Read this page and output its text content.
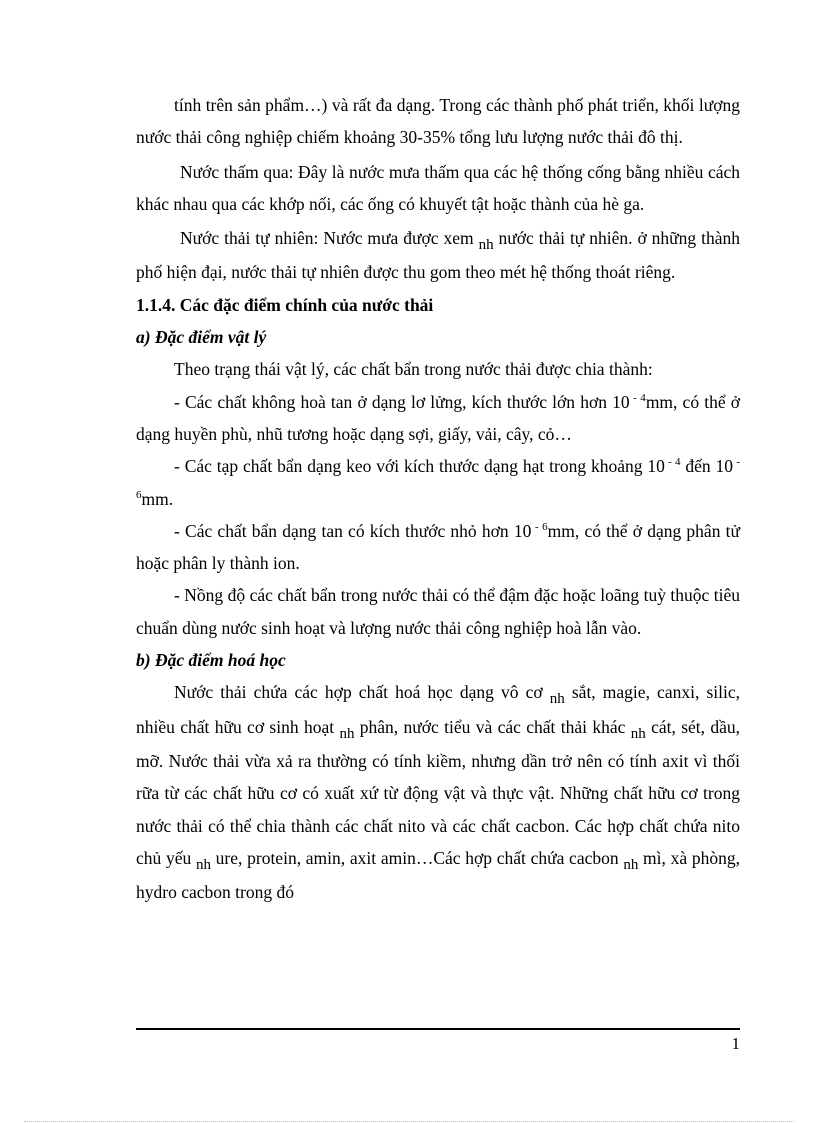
tính trên sản phẩm…) và rất đa dạng. Trong các thành phố phát triển, khối lượng nước thải công nghiệp chiếm khoảng 30-35% tổng lưu lượng nước thải đô thị.

Nước thấm qua: Đây là nước mưa thấm qua các hệ thống cống bằng nhiều cách khác nhau qua các khớp nối, các ống có khuyết tật hoặc thành của hè ga.

Nước thải tự nhiên: Nước mưa được xem nh nước thải tự nhiên. ở những thành phố hiện đại, nước thải tự nhiên được thu gom theo mét hệ thống thoát riêng.

1.1.4. Các đặc điểm chính của nước thải

a) Đặc điểm vật lý

Theo trạng thái vật lý, các chất bẩn trong nước thải được chia thành:

- Các chất không hoà tan ở dạng lơ lửng, kích thước lớn hơn 10 $^{- 4}$mm, có thể ở dạng huyền phù, nhũ tương hoặc dạng sợi, giấy, vải, cây, cỏ…

- Các tạp chất bẩn dạng keo với kích thước dạng hạt trong khoảng 10 $^{- 4}$ đến 10 $^{- 6}$mm.

- Các chất bẩn dạng tan có kích thước nhỏ hơn 10 $^{- 6}$mm, có thể ở dạng phân tử hoặc phân ly thành ion.

- Nồng độ các chất bẩn trong nước thải có thể đậm đặc hoặc loãng tuỳ thuộc tiêu chuẩn dùng nước sinh hoạt và lượng nước thải công nghiệp hoà lẫn vào.

b) Đặc điểm hoá học

Nước thải chứa các hợp chất hoá học dạng vô cơ nh sắt, magie, canxi, silic, nhiều chất hữu cơ sinh hoạt nh phân, nước tiểu và các chất thải khác nh cát, sét, dầu, mỡ. Nước thải vừa xả ra thường có tính kiềm, nhưng dần trở nên có tính axit vì thối rữa từ các chất hữu cơ có xuất xứ từ động vật và thực vật. Những chất hữu cơ trong nước thải có thể chia thành các chất nito và các chất cacbon. Các hợp chất chứa nito chủ yếu nh ure, protein, amin, axit amin…Các hợp chất chứa cacbon nh mì, xà phòng, hydro cacbon trong đó

1
